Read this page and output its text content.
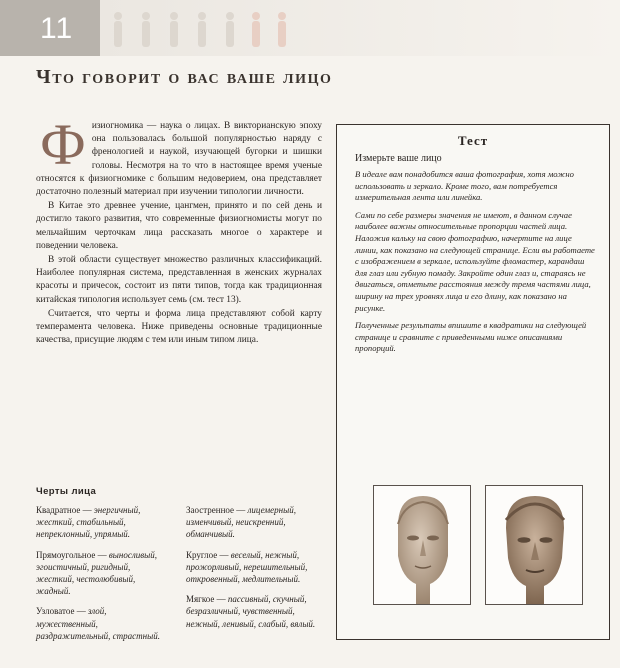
11
Что говорит о вас ваше лицо
Ф изиогномика — наука о лицах. В викторианскую эпоху она пользовалась большой популярностью наряду с френологией и наукой, изучающей бугорки и шишки головы. Несмотря на то что в настоящее время ученые относятся к физиогномике с большим недоверием, она представляет достаточно полезный материал при изучении типологии личности.

В Китае это древнее учение, цангмен, принято и по сей день и достигло такого развития, что современные физиогномисты могут по мельчайшим черточкам лица рассказать многое о характере и поведении человека.

В этой области существует множество различных классификаций. Наиболее популярная система, представленная в женских журналах красоты и причесок, состоит из пяти типов, тогда как традиционная китайская типология использует семь (см. тест 13).

Считается, что черты и форма лица представляют собой карту темперамента человека. Ниже приведены основные традиционные качества, присущие людям с тем или иным типом лица.

Черты лица
Квадратное — энергичный, жесткий, стабильный, непреклонный, упрямый.
Прямоугольное — выносливый, эгоистичный, ригидный, жесткий, честолюбивый, жадный.
Узловатое — злой, мужественный, раздражительный, страстный.
Заостренное — лицемерный, изменчивый, неискренний, обманчивый.
Круглое — веселый, нежный, прожорливый, нерешительный, откровенный, медлительный.
Мягкое — пассивный, скучный, безразличный, чувственный, нежный, ленивый, слабый, вялый.
Тест
Измерьте ваше лицо

В идеале вам понадобится ваша фотография, хотя можно использовать и зеркало. Кроме того, вам потребуется измерительная лента или линейка.

Сами по себе размеры значения не имеют, в данном случае наиболее важны относительные пропорции частей лица. Наложив кальку на свою фотографию, начертите на лице линии, как показано на следующей странице. Если вы работаете с изображением в зеркале, используйте фломастер, карандаш для глаз или губную помаду. Закройте один глаз и, стараясь не двигаться, отметьте расстояния между тремя частями лица, ширину на трех уровнях лица и его длину, как показано на рисунке.

Полученные результаты впишите в квадратики на следующей странице и сравните с приведенными ниже описаниями пропорций.
